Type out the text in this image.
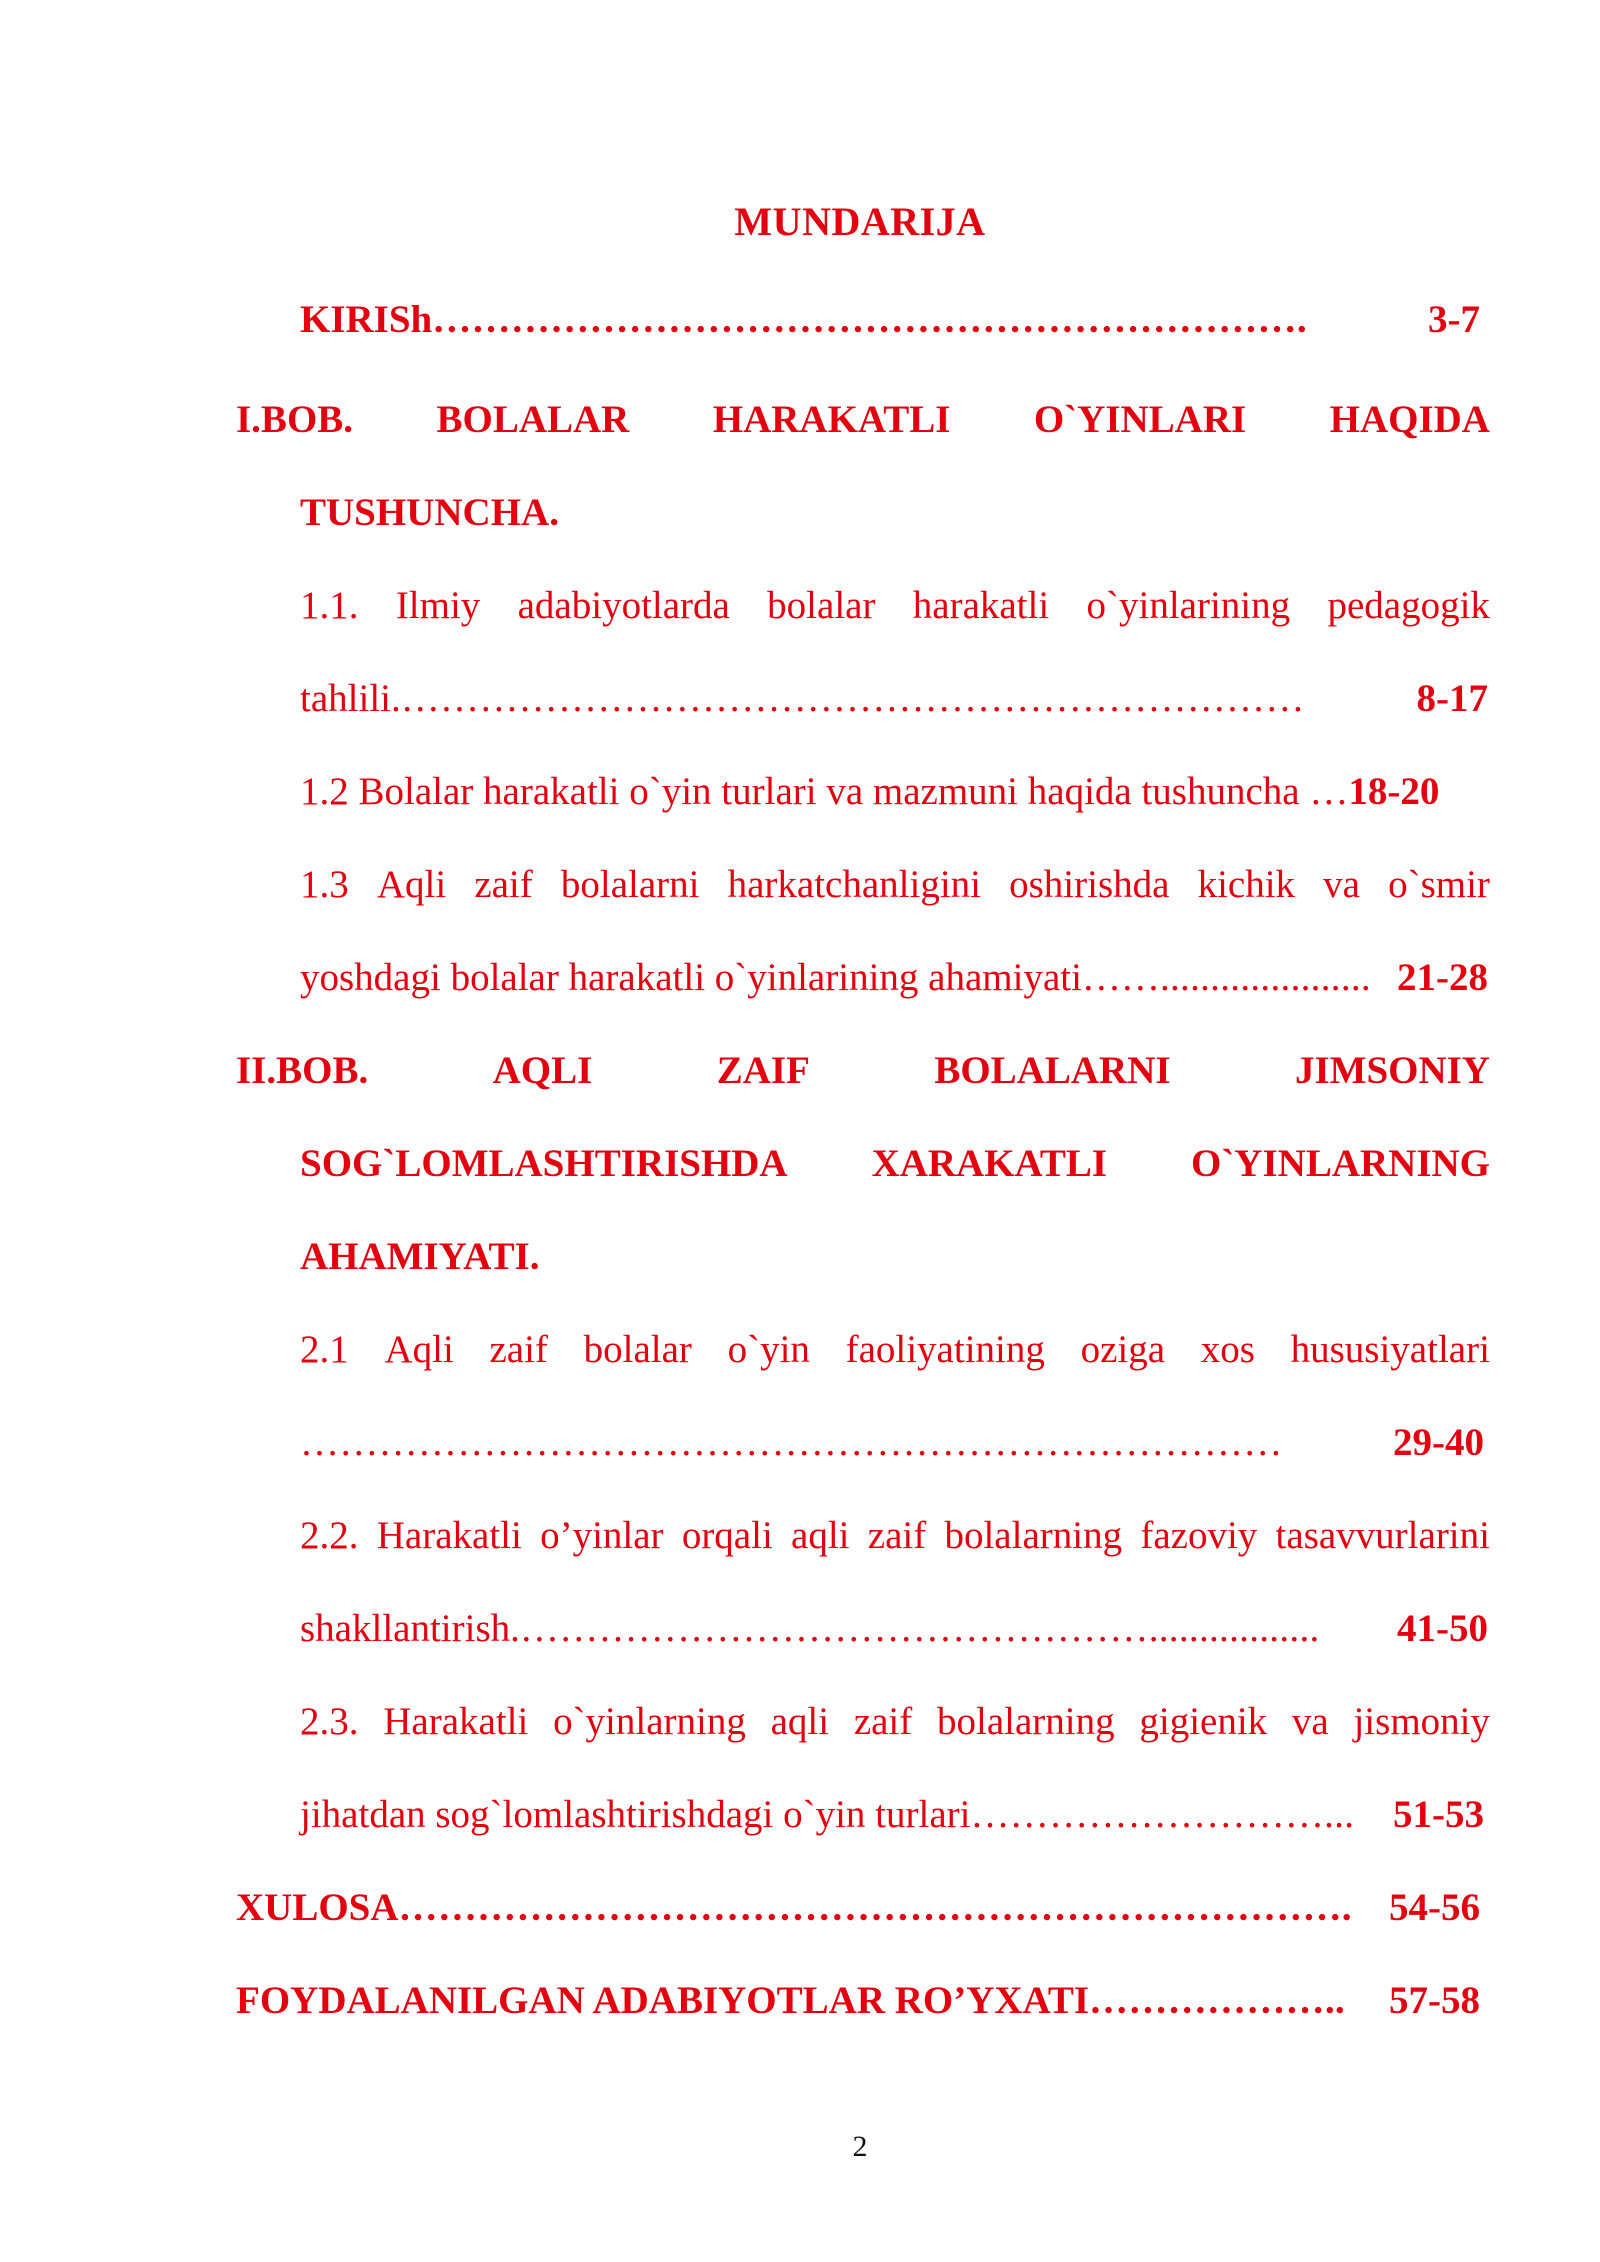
MUNDARIJA
KIRISh ………………………………………………………….	3-7
I.BOB. BOLALAR HARAKATLI O`YINLARI HAQIDA
TUSHUNCHA.
1.1. Ilmiy adabiyotlarda bolalar harakatli o`yinlarining pedagogik
tahlili. ……………………………………………………………	8-17
1.2 Bolalar harakatli o`yin turlari va mazmuni haqida tushuncha … 18-20
1.3 Aqli zaif bolalarni harkatchanligini oshirishda kichik va o`smir
yoshdagi bolalar harakatli o`yinlarining ahamiyati…… ..................... 21-28
II.BOB.	AQLI	ZAIF	BOLALARNI	JIMSONIY
SOG`LOMLASHTIRISHDA XARAKATLI O`YINLARNING
AHAMIYATI.
2.1 Aqli zaif bolalar o`yin faoliyatining oziga xos hususiyatlari
…………………………………………………………………	29-40
2.2. Harakatli o’yinlar orqali aqli zaif bolalarning fazoviy tasavvurlarini
shakllantirish. ………………………………………….................	41-50
2.3. Harakatli o`yinlarning aqli zaif bolalarning gigienik va jismoniy
jihatdan sog`lomlashtirishdagi o`yin turlari ………………………... 51-53
XULOSA ………………………………………………………………. 54-56
FOYDALANILGAN ADABIYOTLAR RO’YXATI ………………..	57-58
2
